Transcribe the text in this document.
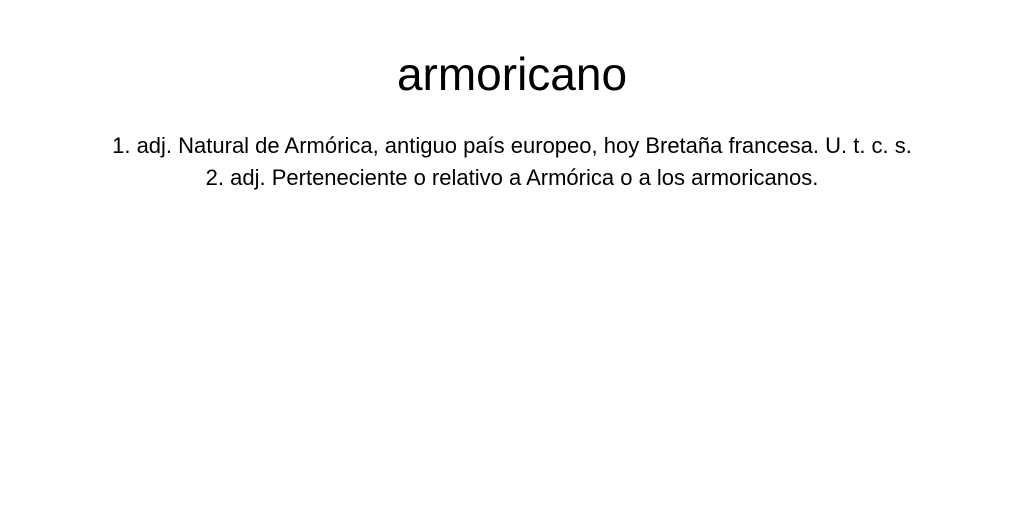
armoricano
1. adj. Natural de Armórica, antiguo país europeo, hoy Bretaña francesa. U. t. c. s.
2. adj. Perteneciente o relativo a Armórica o a los armoricanos.
